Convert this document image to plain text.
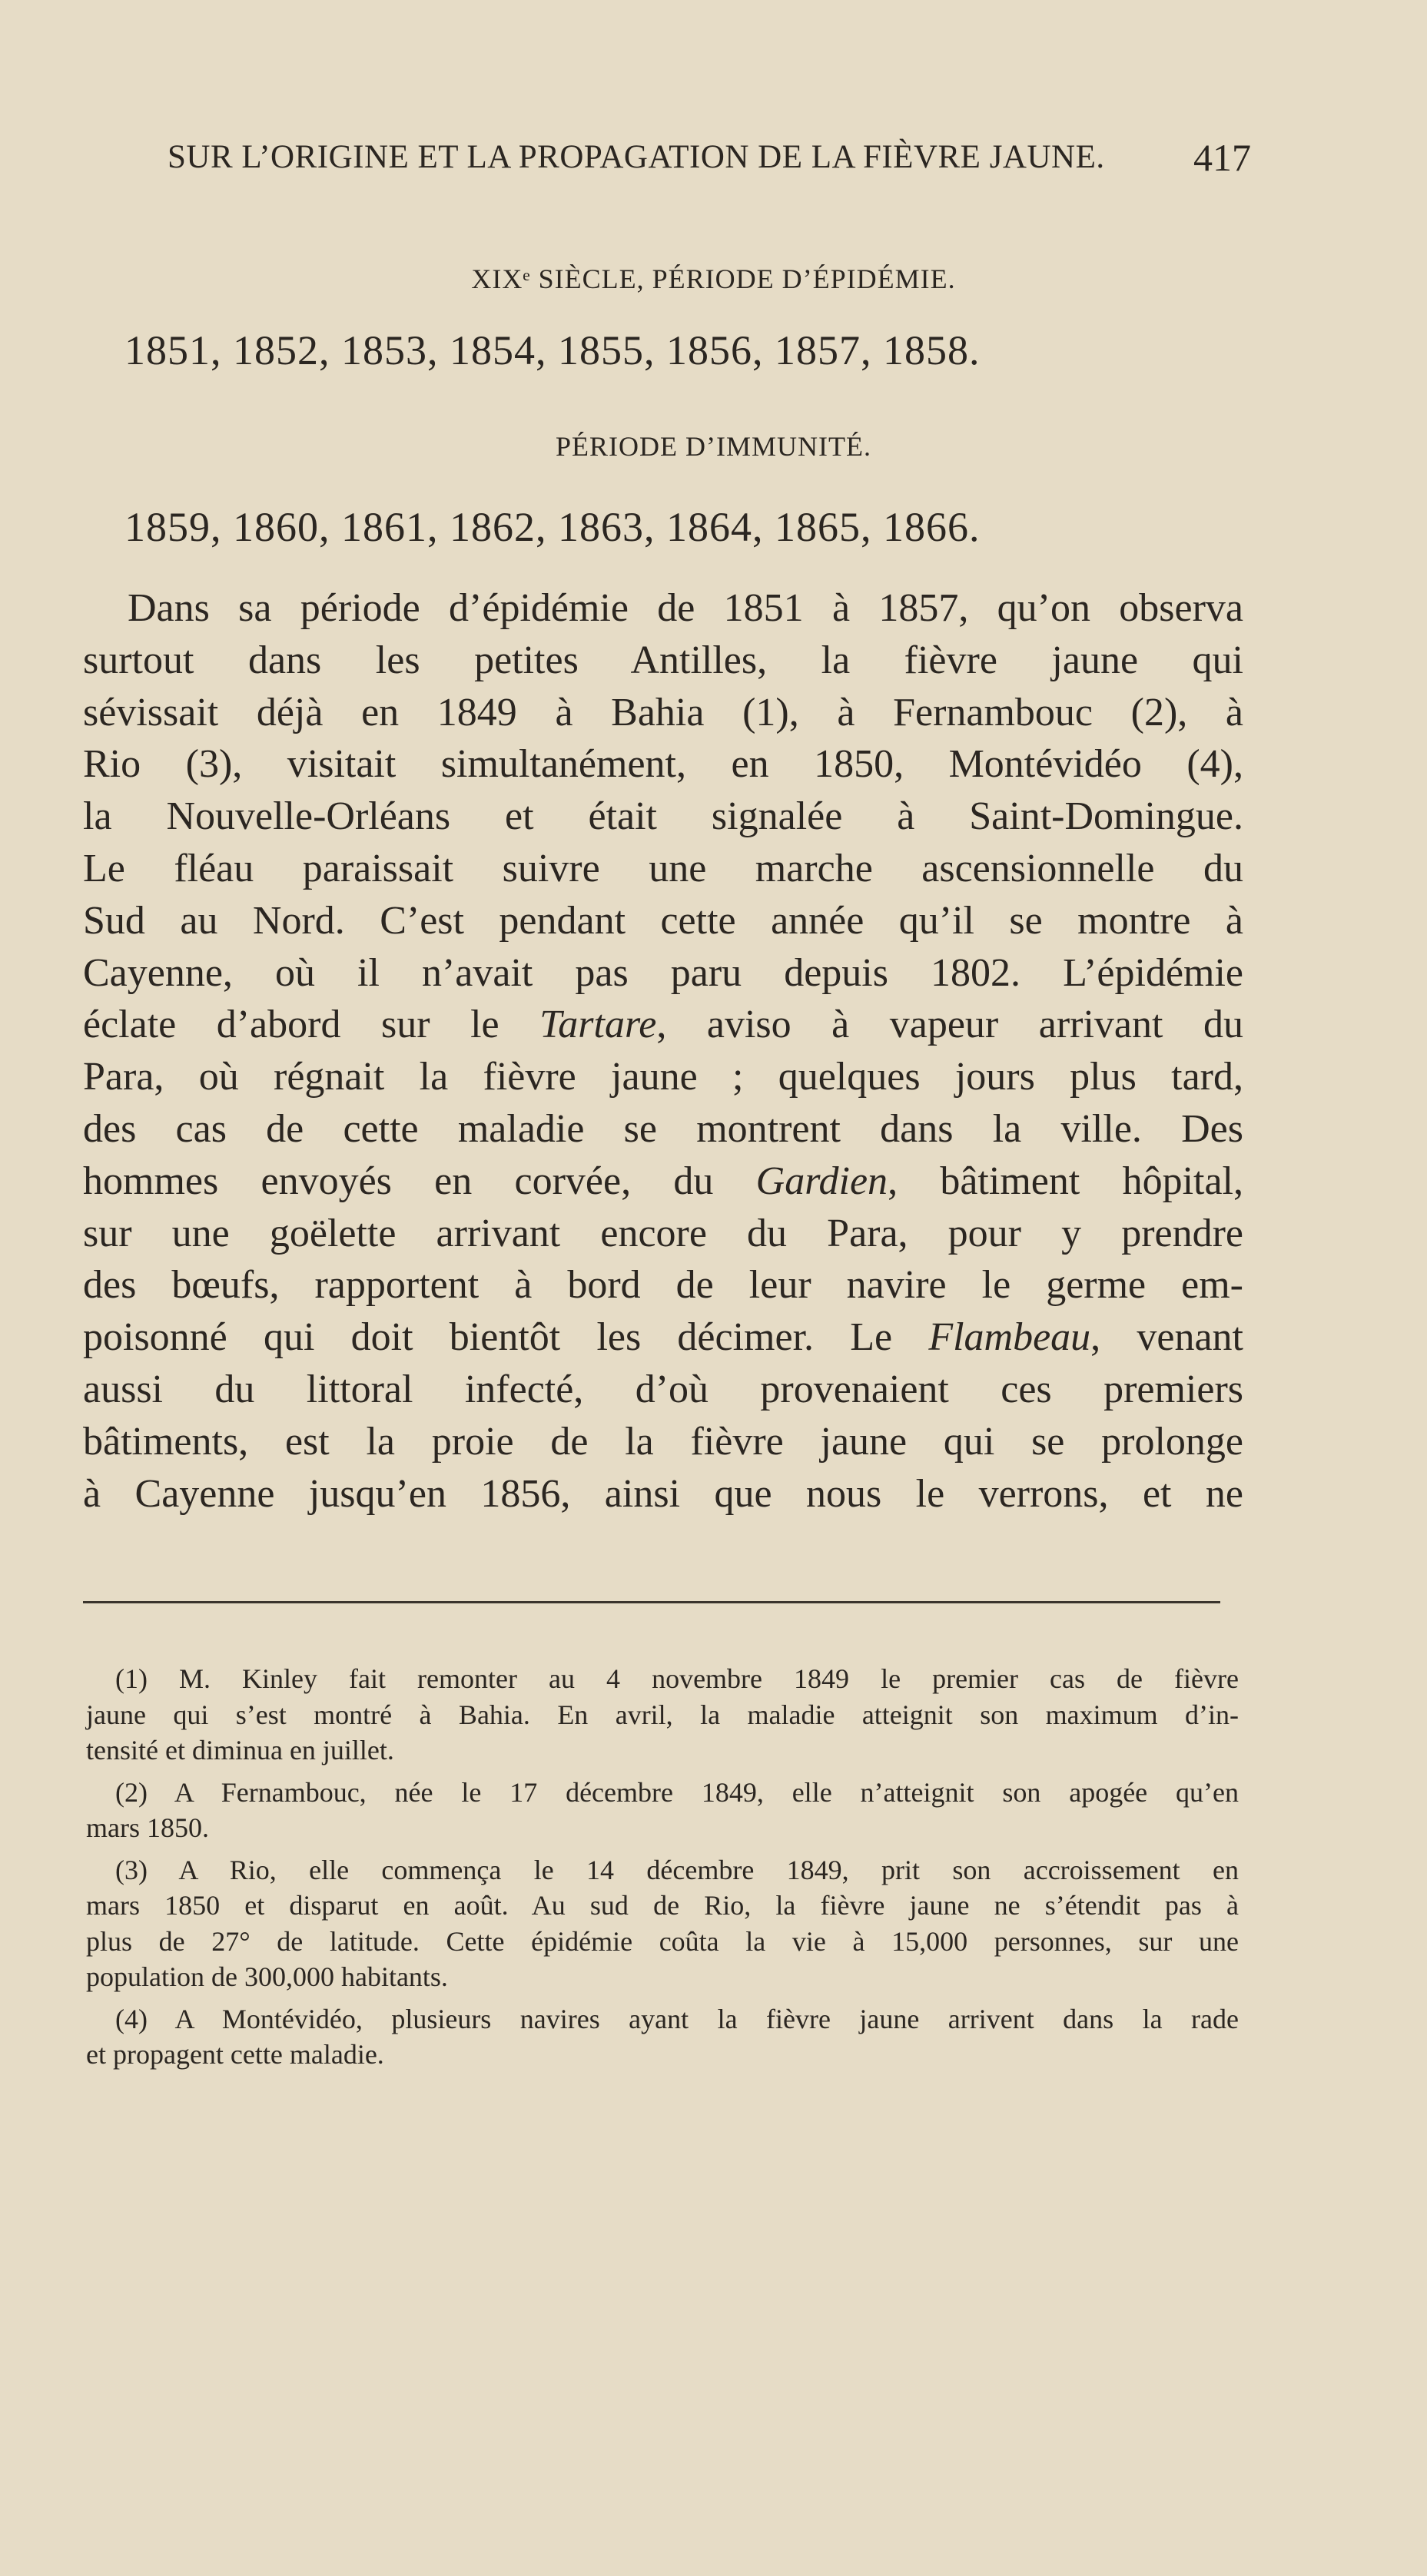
SUR L’ORIGINE ET LA PROPAGATION DE LA FIÈVRE JAUNE. 417
XIXᵉ SIÈCLE, PÉRIODE D’ÉPIDÉMIE.
1851, 1852, 1853, 1854, 1855, 1856, 1857, 1858.
PÉRIODE D’IMMUNITÉ.
1859, 1860, 1861, 1862, 1863, 1864, 1865, 1866.
Dans sa période d’épidémie de 1851 à 1857, qu’on observa
surtout dans les petites Antilles, la fièvre jaune qui
sévissait déjà en 1849 à Bahia (1), à Fernambouc (2), à
Rio (3), visitait simultanément, en 1850, Montévidéo (4),
la Nouvelle-Orléans et était signalée à Saint-Domingue.
Le fléau paraissait suivre une marche ascensionnelle du
Sud au Nord. C’est pendant cette année qu’il se montre à
Cayenne, où il n’avait pas paru depuis 1802. L’épidémie
éclate d’abord sur le Tartare, aviso à vapeur arrivant du
Para, où régnait la fièvre jaune ; quelques jours plus tard,
des cas de cette maladie se montrent dans la ville. Des
hommes envoyés en corvée, du Gardien, bâtiment hôpital,
sur une goëlette arrivant encore du Para, pour y prendre
des bœufs, rapportent à bord de leur navire le germe em-
poisonné qui doit bientôt les décimer. Le Flambeau, venant
aussi du littoral infecté, d’où provenaient ces premiers
bâtiments, est la proie de la fièvre jaune qui se prolonge
à Cayenne jusqu’en 1856, ainsi que nous le verrons, et ne
(1) M. Kinley fait remonter au 4 novembre 1849 le premier cas de fièvre
jaune qui s’est montré à Bahia. En avril, la maladie atteignit son maximum d’in-
tensité et diminua en juillet.
(2) A Fernambouc, née le 17 décembre 1849, elle n’atteignit son apogée qu’en
mars 1850.
(3) A Rio, elle commença le 14 décembre 1849, prit son accroissement en
mars 1850 et disparut en août. Au sud de Rio, la fièvre jaune ne s’étendit pas à
plus de 27° de latitude. Cette épidémie coûta la vie à 15,000 personnes, sur une
population de 300,000 habitants.
(4) A Montévidéo, plusieurs navires ayant la fièvre jaune arrivent dans la rade
et propagent cette maladie.
